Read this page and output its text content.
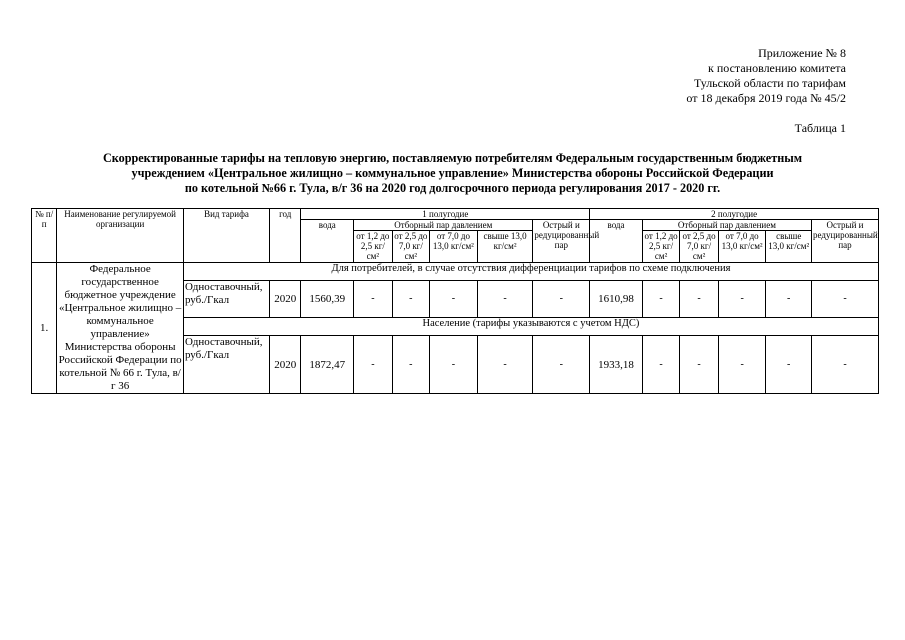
Приложение № 8
к постановлению комитета
Тульской области по тарифам
от 18 декабря 2019 года № 45/2
Таблица 1
Скорректированные тарифы на тепловую энергию, поставляемую потребителям Федеральным государственным бюджетным
учреждением «Центральное жилищно – коммунальное управление» Министерства обороны Российской Федерации
по котельной №66 г. Тула, в/г 36 на 2020 год долгосрочного периода регулирования 2017 - 2020 гг.
№ п/п	Наименование регулируемой организации	Вид тарифа	год	1 полугодие						2 полугодие					
				вода	Отборный пар давлением				Острый и редуцированный пар	вода	Отборный пар давлением				Острый и редуцированный пар
					от 1,2 до 2,5 кг/см²	от 2,5 до 7,0 кг/см²	от 7,0 до 13,0 кг/см²	свыше 13,0 кг/см²			от 1,2 до 2,5 кг/см²	от 2,5 до 7,0 кг/см²	от 7,0 до 13,0 кг/см²	свыше 13,0 кг/см²	
1.	Федеральное государственное бюджетное учреждение «Центральное жилищно – коммунальное управление» Министерства обороны Российской Федерации по котельной № 66 г. Тула, в/г 36	Для потребителей, в случае отсутствия дифференциации тарифов по схеме подключения													
		Одноставочный, руб./Гкал	2020	1560,39	-	-	-	-	-	1610,98	-	-	-	-	-
		Население (тарифы указываются с учетом НДС)													
		Одноставочный, руб./Гкал	2020	1872,47	-	-	-	-	-	1933,18	-	-	-	-	-
